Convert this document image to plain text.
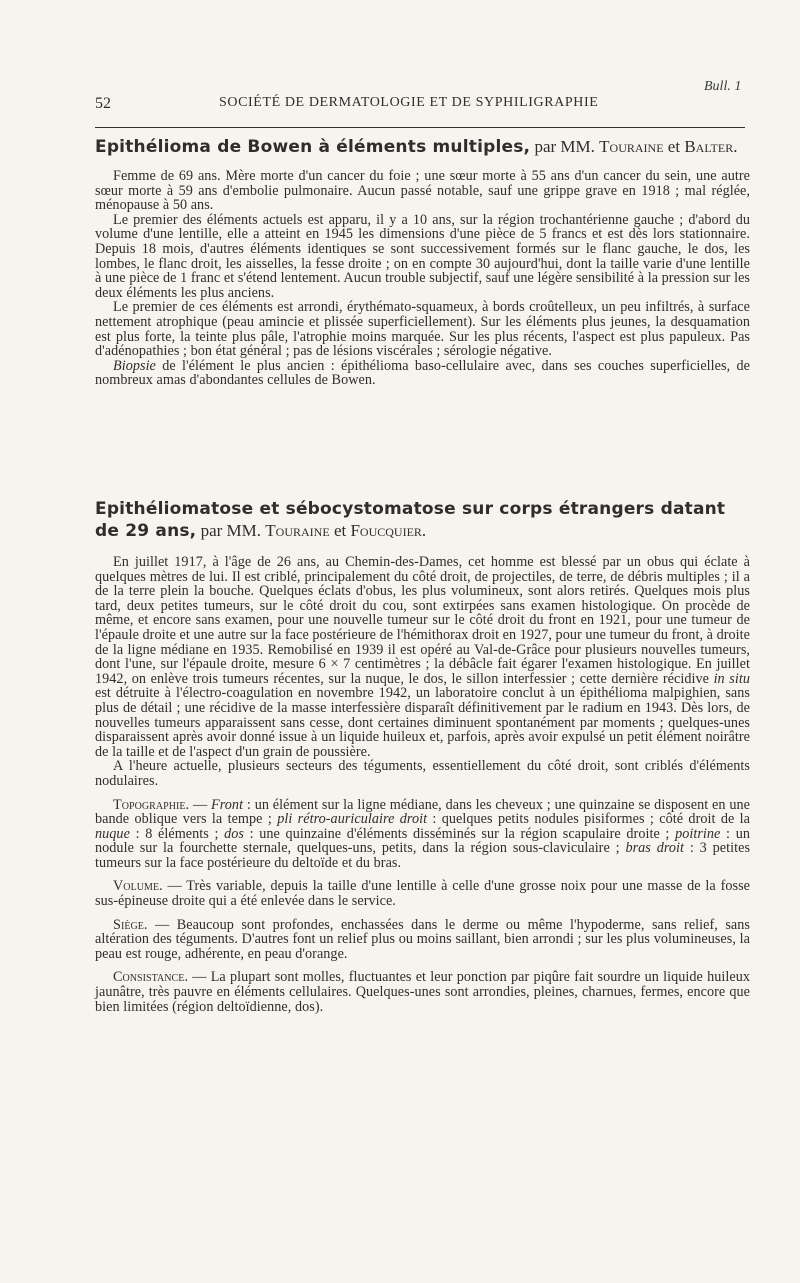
Bull. 1
52	SOCIÉTÉ DE DERMATOLOGIE ET DE SYPHILIGRAPHIE
Epithélioma de Bowen à éléments multiples, par MM. Touraine et Balter.

Femme de 69 ans. Mère morte d'un cancer du foie ; une sœur morte à 55 ans d'un cancer du sein, une autre sœur morte à 59 ans d'embolie pulmonaire. Aucun passé notable, sauf une grippe grave en 1918 ; mal réglée, ménopause à 50 ans.

Le premier des éléments actuels est apparu, il y a 10 ans, sur la région trochantérienne gauche ; d'abord du volume d'une lentille, elle a atteint en 1945 les dimensions d'une pièce de 5 francs et est dès lors stationnaire. Depuis 18 mois, d'autres éléments identiques se sont successivement formés sur le flanc gauche, le dos, les lombes, le flanc droit, les aisselles, la fesse droite ; on en compte 30 aujourd'hui, dont la taille varie d'une lentille à une pièce de 1 franc et s'étend lentement. Aucun trouble subjectif, sauf une légère sensibilité à la pression sur les deux éléments les plus anciens.

Le premier de ces éléments est arrondi, érythémato-squameux, à bords croûtelleux, un peu infiltrés, à surface nettement atrophique (peau amincie et plissée superficiellement). Sur les éléments plus jeunes, la desquamation est plus forte, la teinte plus pâle, l'atrophie moins marquée. Sur les plus récents, l'aspect est plus papuleux. Pas d'adénopathies ; bon état général ; pas de lésions viscérales ; sérologie négative.

Biopsie de l'élément le plus ancien : épithélioma baso-cellulaire avec, dans ses couches superficielles, de nombreux amas d'abondantes cellules de Bowen.

Epithéliomatose et sébocystomatose sur corps étrangers datant de 29 ans, par MM. Touraine et Foucquier.

En juillet 1917, à l'âge de 26 ans, au Chemin-des-Dames, cet homme est blessé par un obus qui éclate à quelques mètres de lui. Il est criblé, principalement du côté droit, de projectiles, de terre, de débris multiples ; il a de la terre plein la bouche. Quelques éclats d'obus, les plus volumineux, sont alors retirés. Quelques mois plus tard, deux petites tumeurs, sur le côté droit du cou, sont extirpées sans examen histologique. On procède de même, et encore sans examen, pour une nouvelle tumeur sur le côté droit du front en 1921, pour une tumeur de l'épaule droite et une autre sur la face postérieure de l'hémithorax droit en 1927, pour une tumeur du front, à droite de la ligne médiane en 1935. Remobilisé en 1939 il est opéré au Val-de-Grâce pour plusieurs nouvelles tumeurs, dont l'une, sur l'épaule droite, mesure 6 × 7 centimètres ; la débâcle fait égarer l'examen histologique. En juillet 1942, on enlève trois tumeurs récentes, sur la nuque, le dos, le sillon interfessier ; cette dernière récidive in situ est détruite à l'électro-coagulation en novembre 1942, un laboratoire conclut à un épithélioma malpighien, sans plus de détail ; une récidive de la masse interfessière disparaît définitivement par le radium en 1943. Dès lors, de nouvelles tumeurs apparaissent sans cesse, dont certaines diminuent spontanément par moments ; quelques-unes disparaissent après avoir donné issue à un liquide huileux et, parfois, après avoir expulsé un petit élément noirâtre de la taille et de l'aspect d'un grain de poussière.

A l'heure actuelle, plusieurs secteurs des téguments, essentiellement du côté droit, sont criblés d'éléments nodulaires.

Topographie. — Front : un élément sur la ligne médiane, dans les cheveux ; une quinzaine se disposent en une bande oblique vers la tempe ; pli rétro-auriculaire droit : quelques petits nodules pisiformes ; côté droit de la nuque : 8 éléments ; dos : une quinzaine d'éléments disséminés sur la région scapulaire droite ; poitrine : un nodule sur la fourchette sternale, quelques-uns, petits, dans la région sous-claviculaire ; bras droit : 3 petites tumeurs sur la face postérieure du deltoïde et du bras.

Volume. — Très variable, depuis la taille d'une lentille à celle d'une grosse noix pour une masse de la fosse sus-épineuse droite qui a été enlevée dans le service.

Siège. — Beaucoup sont profondes, enchassées dans le derme ou même l'hypoderme, sans relief, sans altération des téguments. D'autres font un relief plus ou moins saillant, bien arrondi ; sur les plus volumineuses, la peau est rouge, adhérente, en peau d'orange.

Consistance. — La plupart sont molles, fluctuantes et leur ponction par piqûre fait sourdre un liquide huileux jaunâtre, très pauvre en éléments cellulaires. Quelques-unes sont arrondies, pleines, charnues, fermes, encore que bien limitées (région deltoïdienne, dos).
